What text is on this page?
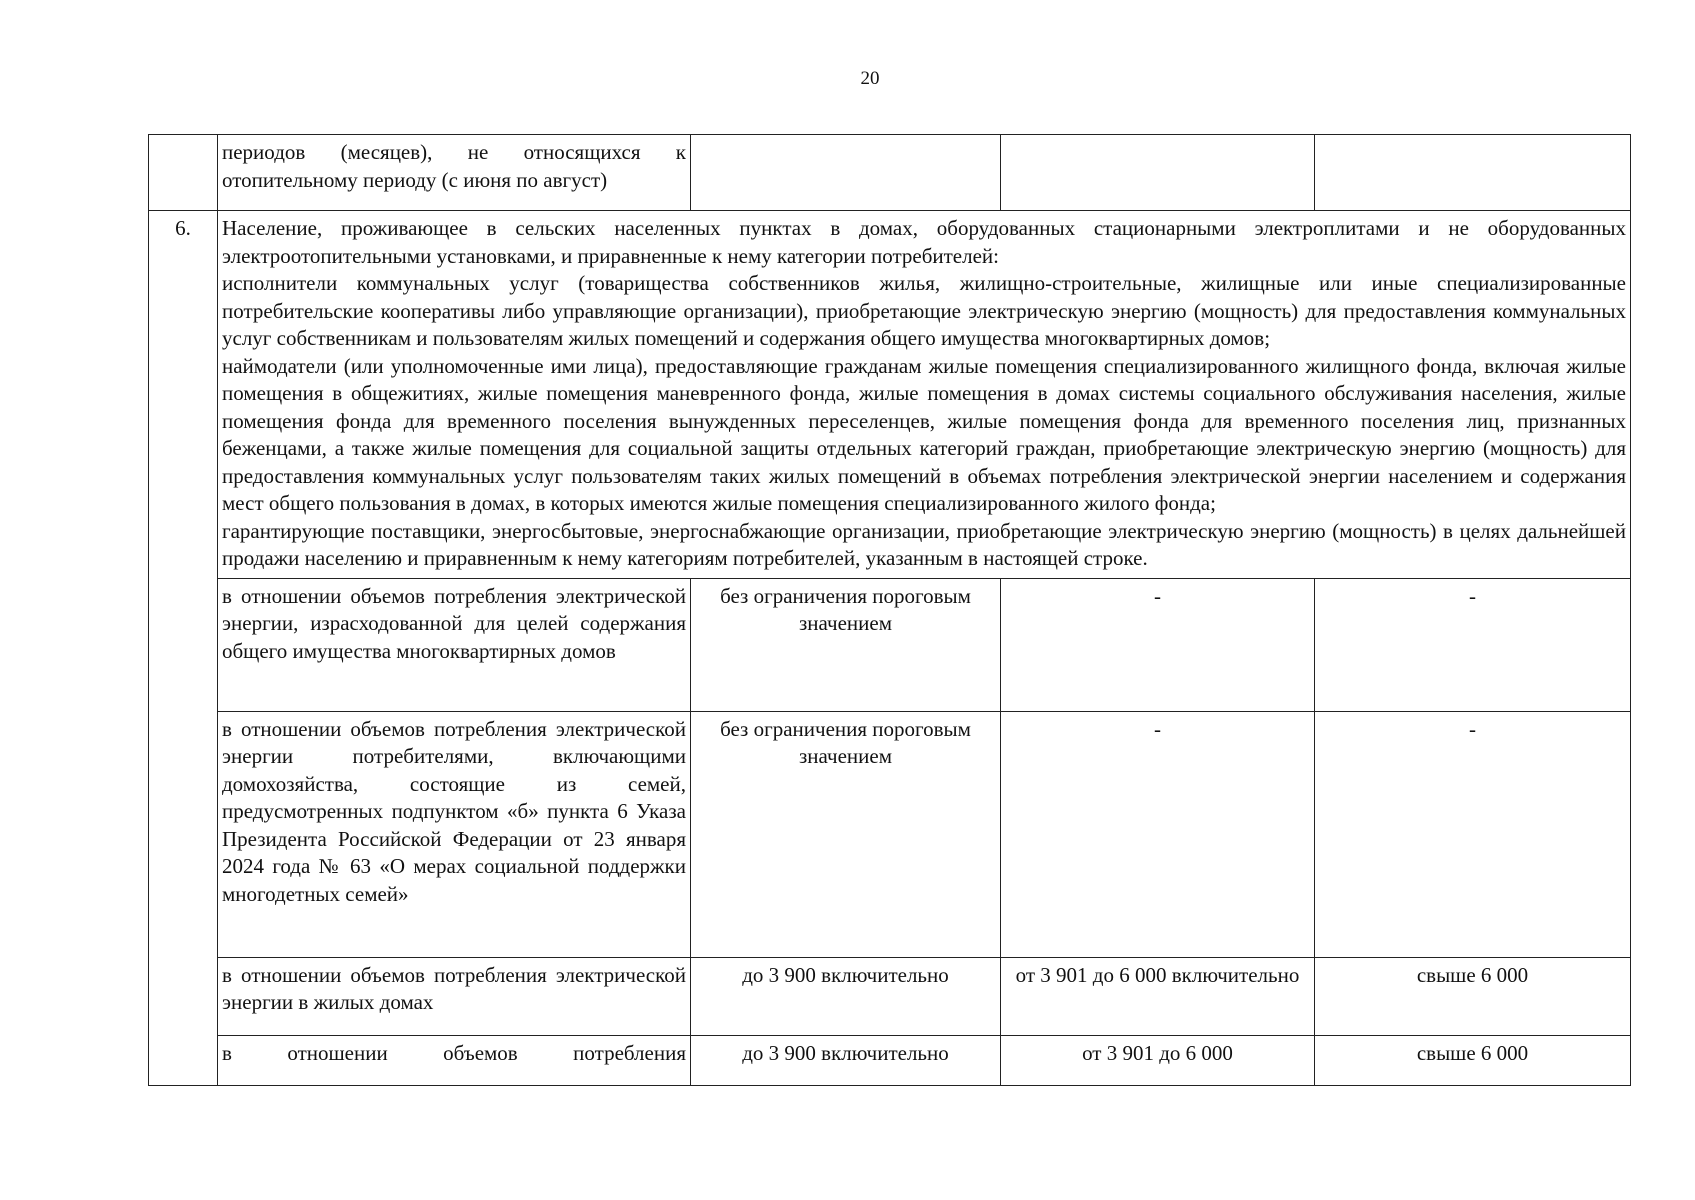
20
	периодов (месяцев), не относящихся к отопительному периоду (с июня по август)			
6.	Население, проживающее в сельских населенных пунктах в домах, оборудованных стационарными электроплитами и не оборудованных электроотопительными установками, и приравненные к нему категории потребителей:

исполнители коммунальных услуг (товарищества собственников жилья, жилищно-строительные, жилищные или иные специализированные потребительские кооперативы либо управляющие организации), приобретающие электрическую энергию (мощность) для предоставления коммунальных услуг собственникам и пользователям жилых помещений и содержания общего имущества многоквартирных домов;

наймодатели (или уполномоченные ими лица), предоставляющие гражданам жилые помещения специализированного жилищного фонда, включая жилые помещения в общежитиях, жилые помещения маневренного фонда, жилые помещения в домах системы социального обслуживания населения, жилые помещения фонда для временного поселения вынужденных переселенцев, жилые помещения фонда для временного поселения лиц, признанных беженцами, а также жилые помещения для социальной защиты отдельных категорий граждан, приобретающие электрическую энергию (мощность) для предоставления коммунальных услуг пользователям таких жилых помещений в объемах потребления электрической энергии населением и содержания мест общего пользования в домах, в которых имеются жилые помещения специализированного жилого фонда;

гарантирующие поставщики, энергосбытовые, энергоснабжающие организации, приобретающие электрическую энергию (мощность) в целях дальнейшей продажи населению и приравненным к нему категориям потребителей, указанным в настоящей строке.			

	в отношении объемов потребления электрической энергии, израсходованной для целей содержания общего имущества многоквартирных домов	без ограничения пороговым значением	-	-
	в отношении объемов потребления электрической энергии потребителями, включающими домохозяйства, состоящие из семей, предусмотренных подпунктом «б» пункта 6 Указа Президента Российской Федерации от 23 января 2024 года № 63 «О мерах социальной поддержки многодетных семей»	без ограничения пороговым значением	-	-
	в отношении объемов потребления электрической энергии в жилых домах	до 3 900 включительно	от 3 901 до 6 000 включительно	свыше 6 000
	в отношении объемов потребления	до 3 900 включительно	от 3 901 до 6 000	свыше 6 000
